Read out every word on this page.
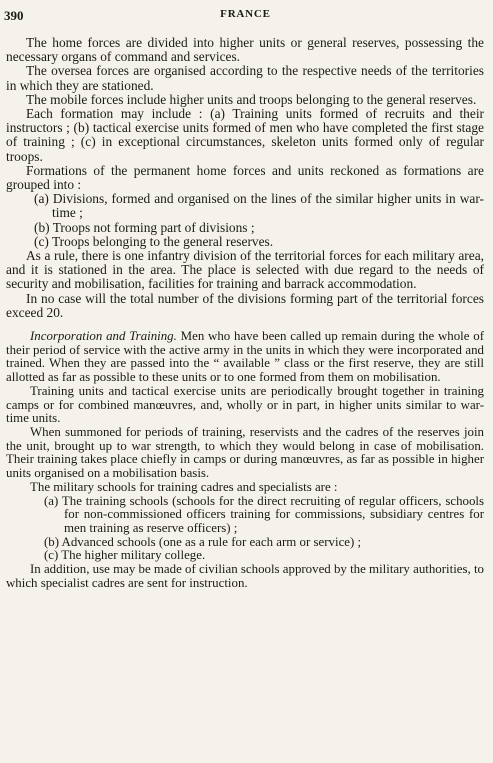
390	FRANCE

The home forces are divided into higher units or general reserves, possessing the necessary organs of command and services.

The oversea forces are organised according to the respective needs of the territories in which they are stationed.

The mobile forces include higher units and troops belonging to the general reserves.

Each formation may include : (a) Training units formed of recruits and their instructors ; (b) tactical exercise units formed of men who have completed the first stage of training ; (c) in exceptional circumstances, skeleton units formed only of regular troops.

Formations of the permanent home forces and units reckoned as formations are grouped into :

(a) Divisions, formed and organised on the lines of the similar higher units in war-time ;

(b) Troops not forming part of divisions ;

(c) Troops belonging to the general reserves.

As a rule, there is one infantry division of the territorial forces for each military area, and it is stationed in the area. The place is selected with due regard to the needs of security and mobilisation, facilities for training and barrack accommodation.

In no case will the total number of the divisions forming part of the territorial forces exceed 20.

Incorporation and Training. Men who have been called up remain during the whole of their period of service with the active army in the units in which they were incorporated and trained. When they are passed into the “ available ” class or the first reserve, they are still allotted as far as possible to these units or to one formed from them on mobilisation.

Training units and tactical exercise units are periodically brought together in training camps or for combined manœuvres, and, wholly or in part, in higher units similar to war-time units.

When summoned for periods of training, reservists and the cadres of the reserves join the unit, brought up to war strength, to which they would belong in case of mobilisation. Their training takes place chiefly in camps or during manœuvres, as far as possible in higher units organised on a mobilisation basis.

The military schools for training cadres and specialists are :

(a) The training schools (schools for the direct recruiting of regular officers, schools for non-commissioned officers training for commissions, subsidiary centres for men training as reserve officers) ;

(b) Advanced schools (one as a rule for each arm or service) ;

(c) The higher military college.

In addition, use may be made of civilian schools approved by the military authorities, to which specialist cadres are sent for instruction.
